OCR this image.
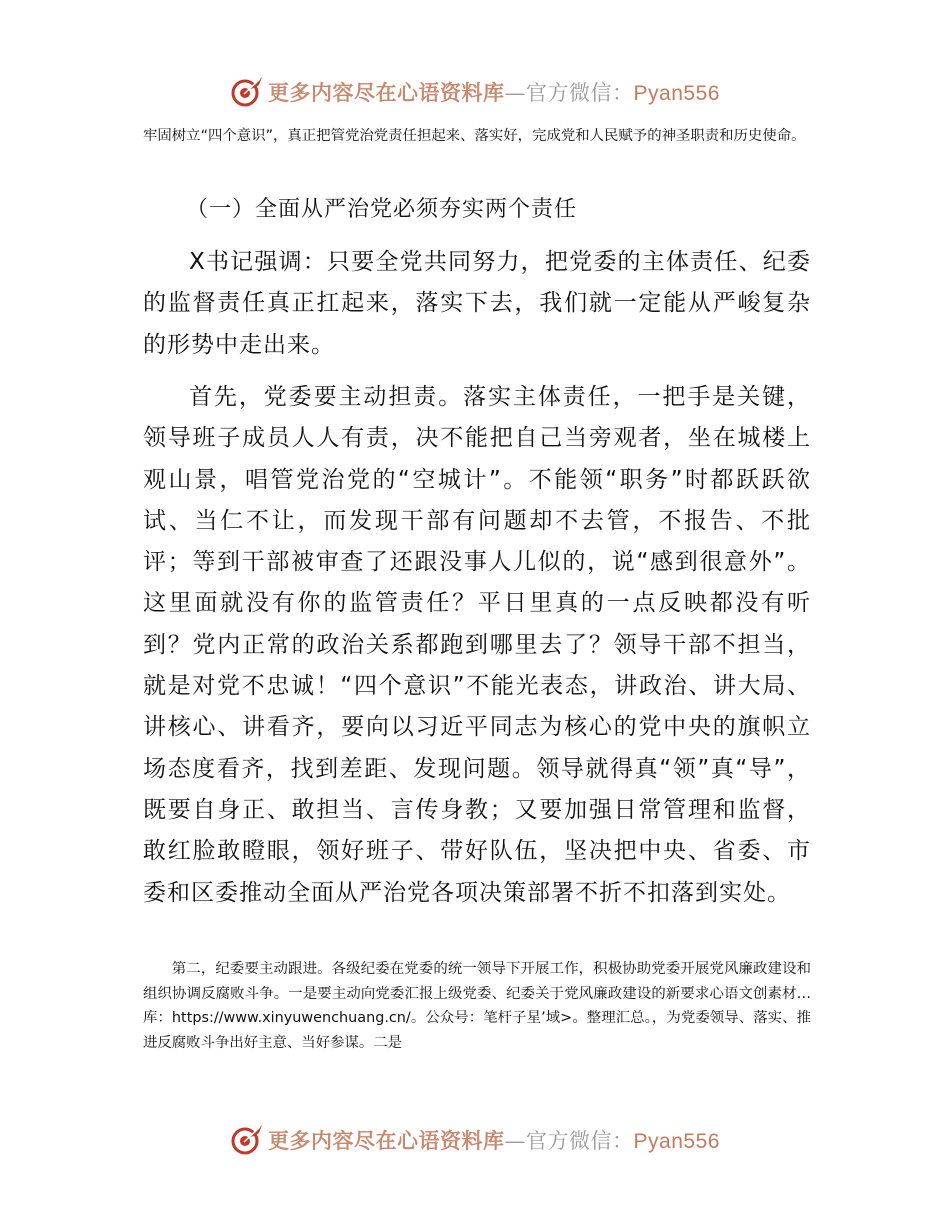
更多内容尽在心语资料库—官方微信：Pyan556

牢固树立“四个意识”，真正把管党治党责任担起来、落实好，完成党和人民赋予的神圣职责和历史使命。

（一）全面从严治党必须夯实两个责任

X书记强调：只要全党共同努力，把党委的主体责任、纪委的监督责任真正扛起来，落实下去，我们就一定能从严峻复杂的形势中走出来。

首先，党委要主动担责。落实主体责任，一把手是关键，领导班子成员人人有责，决不能把自己当旁观者，坐在城楼上观山景，唱管党治党的“空城计”。不能领“职务”时都跃跃欲试、当仁不让，而发现干部有问题却不去管，不报告、不批评；等到干部被审查了还跟没事人儿似的，说“感到很意外”。这里面就没有你的监管责任？平日里真的一点反映都没有听到？党内正常的政治关系都跑到哪里去了？领导干部不担当，就是对党不忠诚！“四个意识”不能光表态，讲政治、讲大局、讲核心、讲看齐，要向以习近平同志为核心的党中央的旗帜立场态度看齐，找到差距、发现问题。领导就得真“领”真“导”，既要自身正、敢担当、言传身教；又要加强日常管理和监督，敢红脸敢瞪眼，领好班子、带好队伍，坚决把中央、省委、市委和区委推动全面从严治党各项决策部署不折不扣落到实处。

第二，纪委要主动跟进。各级纪委在党委的统一领导下开展工作，积极协助党委开展党风廉政建设和组织协调反腐败斗争。一是要主动向党委汇报上级党委、纪委关于党风廉政建设的新要求心语文创素材…库：https://www.xinyuwenchuang.cn/。公众号：笔杆子星’域>。整理汇总。，为党委领导、落实、推进反腐败斗争出好主意、当好参谋。二是

更多内容尽在心语资料库—官方微信：Pyan556
